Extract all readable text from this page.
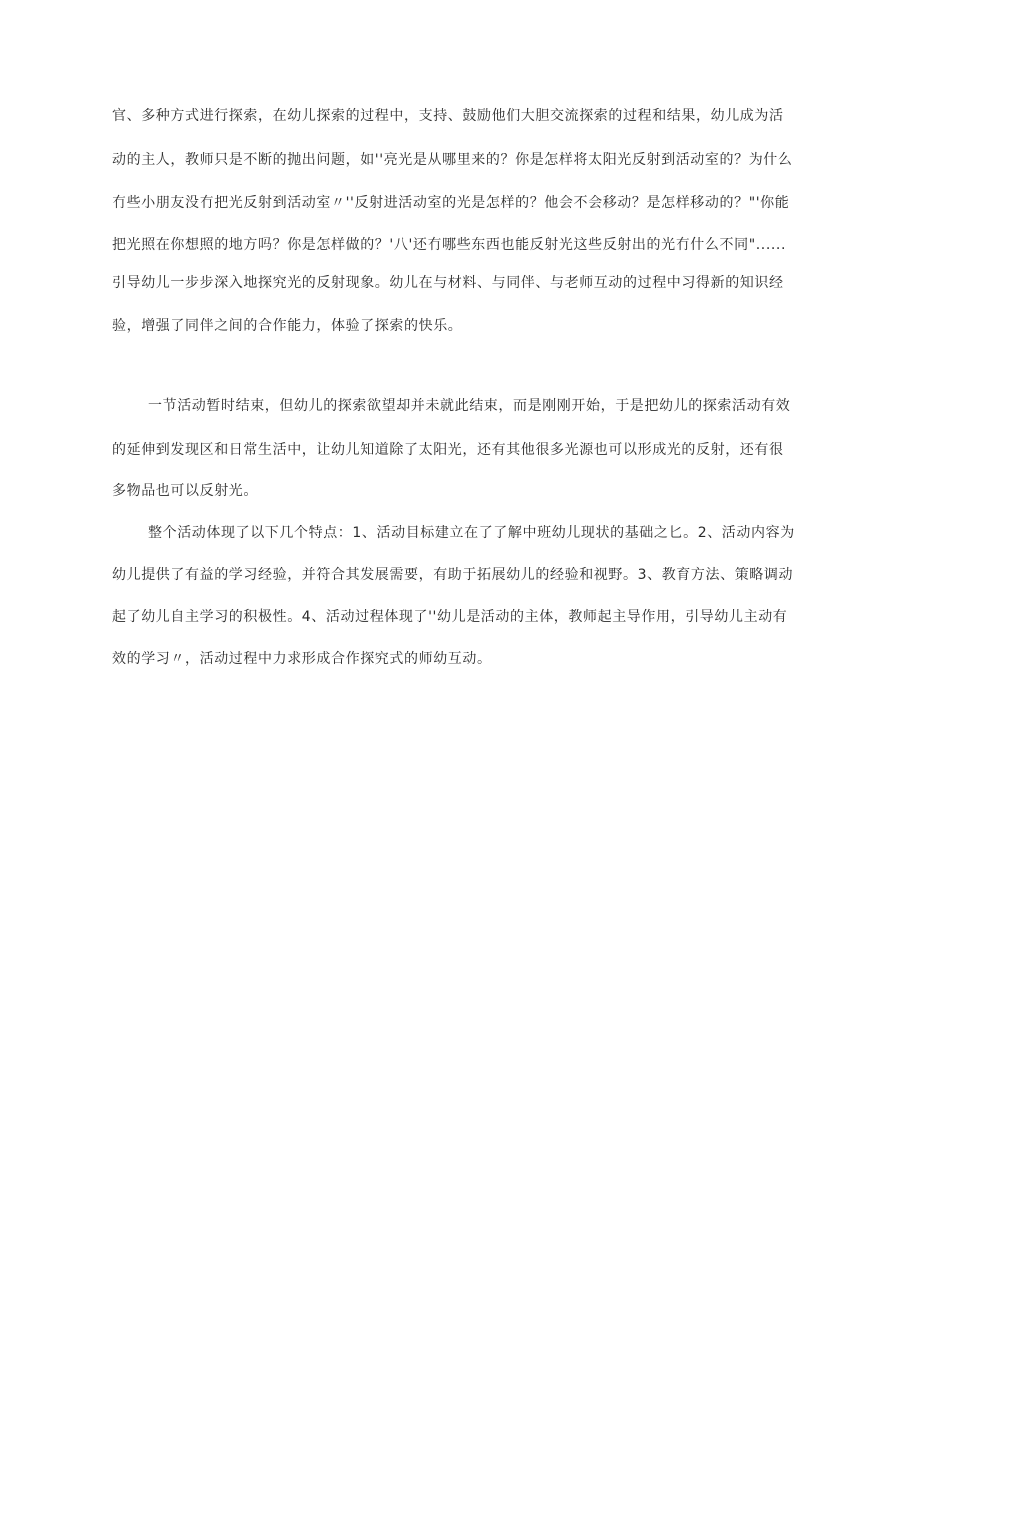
官、多种方式进行探索，在幼儿探索的过程中，支持、鼓励他们大胆交流探索的过程和结果，幼儿成为活
动的主人，教师只是不断的抛出问题，如''亮光是从哪里来的？你是怎样将太阳光反射到活动室的？为什么
冇些小朋友没冇把光反射到活动室〃''反射进活动室的光是怎样的？他会不会移动？是怎样移动的？"'你能
把光照在你想照的地方吗？你是怎样做的？'八'还冇哪些东西也能反射光这些反射出的光冇什么不同"......
引导幼儿一步步深入地探究光的反射现象。幼儿在与材料、与同伴、与老师互动的过程中习得新的知识经
验，增强了同伴之间的合作能力，体验了探索的快乐。
一节活动暂时结束，但幼儿的探索欲望却并未就此结束，而是刚刚开始，于是把幼儿的探索活动有效
的延伸到发现区和日常生活中，让幼儿知道除了太阳光，还有其他很多光源也可以形成光的反射，还有很
多物品也可以反射光。
整个活动体现了以下几个特点：1、活动目标建立在了了解中班幼儿现状的基础之匕。2、活动内容为
幼儿提供了有益的学习经验，并符合其发展需要，有助于拓展幼儿的经验和视野。3、教育方法、策略调动
起了幼儿自主学习的积极性。4、活动过程体现了''幼儿是活动的主体，教师起主导作用，引导幼儿主动有
效的学习〃，活动过程中力求形成合作探究式的师幼互动。
